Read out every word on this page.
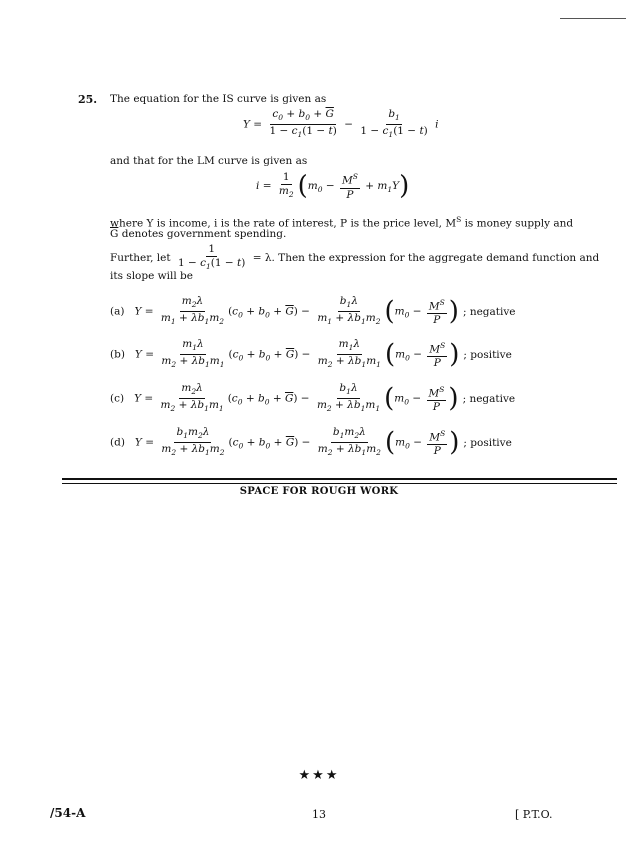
25. The equation for the IS curve is given as
$Y = \frac{c_0 + b_0 + \overline{G}}{1 - c_1(1 - t)} - \frac{b_1}{1 - c_1(1 - t)}$ i
and that for the LM curve is given as
$i = \frac{1}{m_2} (m_0 - \frac{M^S}{P} + m_1Y)$
where Y is income, i is the rate of interest, P is the price level, $M^S$ is money supply and
$\overline{G}$ denotes government spending.
Further, let $\frac{1}{1 - c_1(1 - t)} = \lambda$. Then the expression for the aggregate demand function and
its slope will be
(a)   $Y = \frac{m_2\lambda}{m_1 + \lambda b_1m_2} (c_0 + b_0 + \overline{G}) - \frac{b_1\lambda}{m_1 + \lambda b_1m_2} (m_0 - \frac{M^S}{P}$ ) ; negative
(b)   $Y = \frac{m_1\lambda}{m_2 + \lambda b_1m_1} (c_0 + b_0 + \overline{G}) - \frac{m_1\lambda}{m_2 + \lambda b_1m_1} (m_0 - \frac{M^S}{P}$ ) ; positive
(c)   $Y = \frac{m_2\lambda}{m_2 + \lambda b_1m_1} (c_0 + b_0 + \overline{G}) - \frac{b_1\lambda}{m_2 + \lambda b_1m_1} (m_0 - \frac{M^S}{P}$ ) ; negative
(d)   $Y = \frac{b_1m_2\lambda}{m_2 + \lambda b_1m_2} (c_0 + b_0 + \overline{G}) - \frac{b_1m_2\lambda}{m_2 + \lambda b_1m_2} (m_0 - \frac{M^S}{P}$ ) ; positive
SPACE FOR ROUGH WORK
★★★
/54-A	13	[ P.T.O.
